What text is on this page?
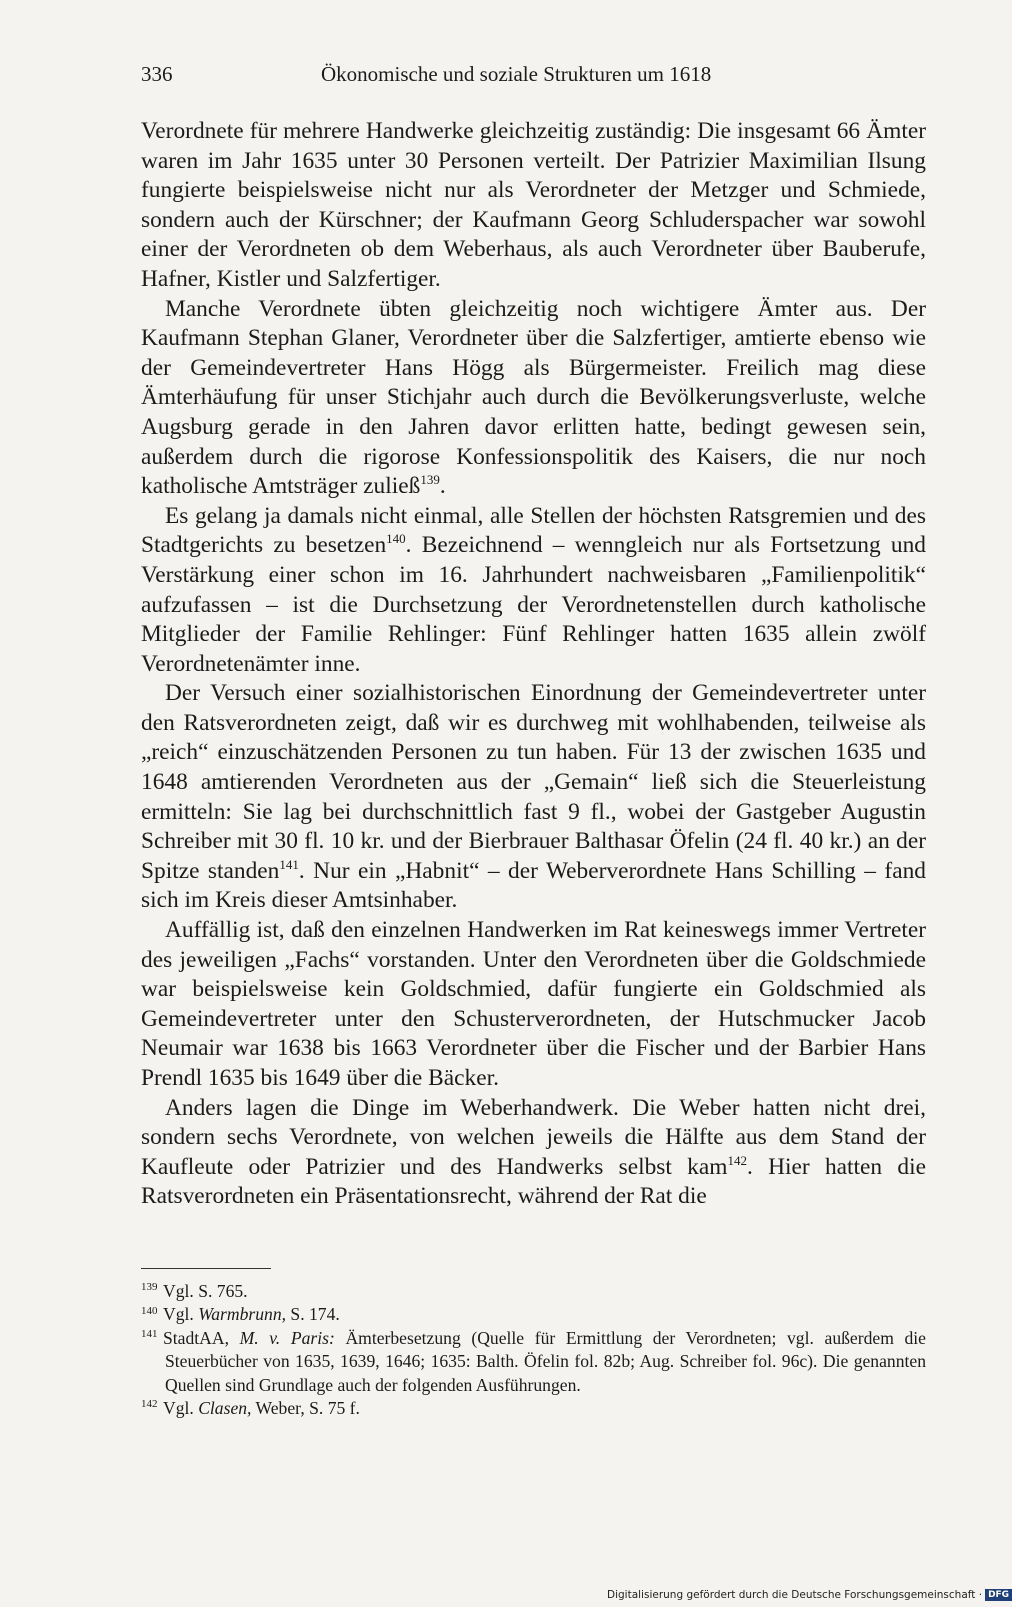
336	Ökonomische und soziale Strukturen um 1618

Verordnete für mehrere Handwerke gleichzeitig zuständig: Die insgesamt 66 Ämter waren im Jahr 1635 unter 30 Personen verteilt. Der Patrizier Maximilian Ilsung fungierte beispielsweise nicht nur als Verordneter der Metzger und Schmiede, sondern auch der Kürschner; der Kaufmann Georg Schluderspacher war sowohl einer der Verordneten ob dem Weberhaus, als auch Verordneter über Bauberufe, Hafner, Kistler und Salzfertiger.

Manche Verordnete übten gleichzeitig noch wichtigere Ämter aus. Der Kaufmann Stephan Glaner, Verordneter über die Salzfertiger, amtierte ebenso wie der Gemeindevertreter Hans Högg als Bürgermeister. Freilich mag diese Ämterhäufung für unser Stichjahr auch durch die Bevölkerungsverluste, welche Augsburg gerade in den Jahren davor erlitten hatte, bedingt gewesen sein, außerdem durch die rigorose Konfessionspolitik des Kaisers, die nur noch katholische Amtsträger zuließ$^{139}$.

Es gelang ja damals nicht einmal, alle Stellen der höchsten Ratsgremien und des Stadtgerichts zu besetzen$^{140}$. Bezeichnend – wenngleich nur als Fortsetzung und Verstärkung einer schon im 16. Jahrhundert nachweisbaren „Familienpolitik“ aufzufassen – ist die Durchsetzung der Verordnetenstellen durch katholische Mitglieder der Familie Rehlinger: Fünf Rehlinger hatten 1635 allein zwölf Verordnetenämter inne.

Der Versuch einer sozialhistorischen Einordnung der Gemeindevertreter unter den Ratsverordneten zeigt, daß wir es durchweg mit wohlhabenden, teilweise als „reich“ einzuschätzenden Personen zu tun haben. Für 13 der zwischen 1635 und 1648 amtierenden Verordneten aus der „Gemain“ ließ sich die Steuerleistung ermitteln: Sie lag bei durchschnittlich fast 9 fl., wobei der Gastgeber Augustin Schreiber mit 30 fl. 10 kr. und der Bierbrauer Balthasar Öfelin (24 fl. 40 kr.) an der Spitze standen$^{141}$. Nur ein „Habnit“ – der Weberverordnete Hans Schilling – fand sich im Kreis dieser Amtsinhaber.

Auffällig ist, daß den einzelnen Handwerken im Rat keineswegs immer Vertreter des jeweiligen „Fachs“ vorstanden. Unter den Verordneten über die Goldschmiede war beispielsweise kein Goldschmied, dafür fungierte ein Goldschmied als Gemeindevertreter unter den Schusterverordneten, der Hutschmucker Jacob Neumair war 1638 bis 1663 Verordneter über die Fischer und der Barbier Hans Prendl 1635 bis 1649 über die Bäcker.

Anders lagen die Dinge im Weberhandwerk. Die Weber hatten nicht drei, sondern sechs Verordnete, von welchen jeweils die Hälfte aus dem Stand der Kaufleute oder Patrizier und des Handwerks selbst kam$^{142}$. Hier hatten die Ratsverordneten ein Präsentationsrecht, während der Rat die

139 Vgl. S. 765.

140 Vgl. Warmbrunn, S. 174.

141 StadtAA, M. v. Paris: Ämterbesetzung (Quelle für Ermittlung der Verordneten; vgl. außerdem die Steuerbücher von 1635, 1639, 1646; 1635: Balth. Öfelin fol. 82b; Aug. Schreiber fol. 96c). Die genannten Quellen sind Grundlage auch der folgenden Ausführungen.

142 Vgl. Clasen, Weber, S. 75 f.

Digitalisierung gefördert durch die Deutsche Forschungsgemeinschaft · DFG
